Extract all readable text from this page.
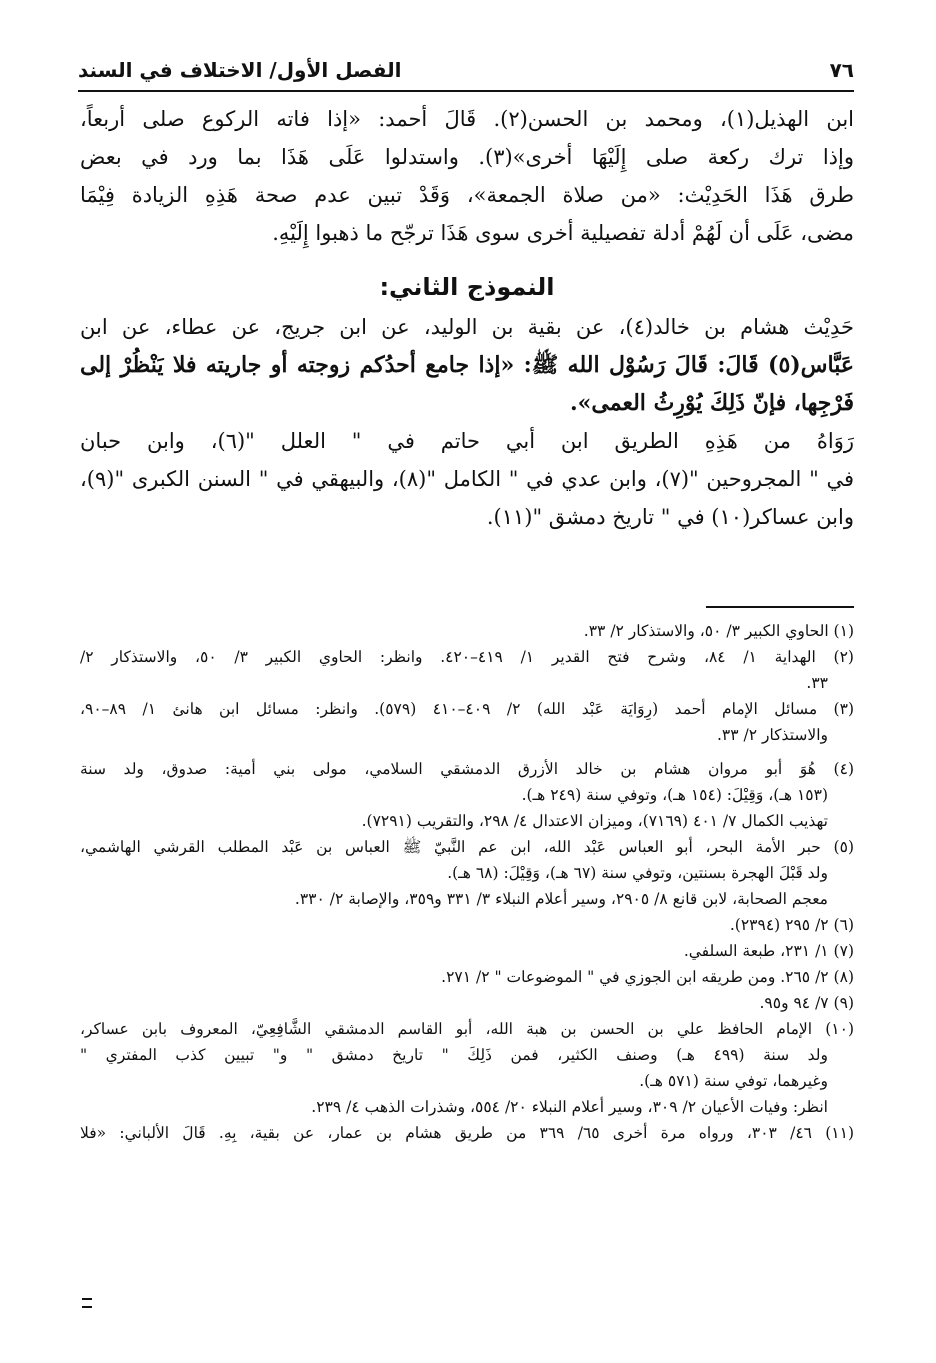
٧٦
الفصل الأول/ الاختلاف في السند
ابن الهذيل(١)، ومحمد بن الحسن(٢). قَالَ أحمد: «إذا فاته الركوع صلى أربعاً،
وإذا ترك ركعة صلى إِلَيْهَا أخرى»(٣). واستدلوا عَلَى هَذَا بما ورد في بعض
طرق هَذَا الحَدِيْث: «من صلاة الجمعة»، وَقَدْ تبين عدم صحة هَذِهِ الزيادة فِيْمَا
مضى، عَلَى أن لَهُمْ أدلة تفصيلية أخرى سوى هَذَا ترجّح ما ذهبوا إِلَيْهِ.
النموذج الثاني:
حَدِيْث هشام بن خالد(٤)، عن بقية بن الوليد، عن ابن جريج، عن عطاء، عن ابن
عَبَّاس(٥) قَالَ: قَالَ رَسُوْل الله ﷺ: «إذا جامع أحدُكم زوجته أو جاريته فلا يَنْظُرْ إلى
فَرْجِها، فإنّ ذَلِكَ يُوْرِثُ العمى».
رَوَاهُ من هَذِهِ الطريق ابن أبي حاتم في " العلل "(٦)، وابن حبان
في " المجروحين "(٧)، وابن عدي في " الكامل "(٨)، والبيهقي في " السنن الكبرى "(٩)،
وابن عساكر(١٠) في " تاريخ دمشق "(١١).
(١) الحاوي الكبير ٣/ ٥٠، والاستذكار ٢/ ٣٣.
(٢) الهداية ١/ ٨٤، وشرح فتح القدير ١/ ٤١٩–٤٢٠. وانظر: الحاوي الكبير ٣/ ٥٠، والاستذكار ٢/
٣٣.
(٣) مسائل الإمام أحمد (رِوَايَة عَبْد الله) ٢/ ٤٠٩–٤١٠ (٥٧٩). وانظر: مسائل ابن هانئ ١/ ٨٩–٩٠،
والاستذكار ٢/ ٣٣.
(٤) هُوَ أبو مروان هشام بن خالد الأزرق الدمشقي السلامي، مولى بني أمية: صدوق، ولد سنة
(١٥٣ هـ)، وَقِيْلَ: (١٥٤ هـ)، وتوفي سنة (٢٤٩ هـ).
تهذيب الكمال ٧/ ٤٠١ (٧١٦٩)، وميزان الاعتدال ٤/ ٢٩٨، والتقريب (٧٢٩١).
(٥) حبر الأمة البحر، أبو العباس عَبْد الله، ابن عم النَّبيّ ﷺ العباس بن عَبْد المطلب القرشي الهاشمي،
ولد قَبْلَ الهجرة بسنتين، وتوفي سنة (٦٧ هـ)، وَقِيْلَ: (٦٨ هـ).
معجم الصحابة، لابن قانع ٨/ ٢٩٠٥، وسير أعلام النبلاء ٣/ ٣٣١ و٣٥٩، والإصابة ٢/ ٣٣٠.
(٦) ٢/ ٢٩٥ (٢٣٩٤).
(٧) ١/ ٢٣١، طبعة السلفي.
(٨) ٢/ ٢٦٥. ومن طريقه ابن الجوزي في " الموضوعات " ٢/ ٢٧١.
(٩) ٧/ ٩٤ و٩٥.
(١٠) الإمام الحافظ علي بن الحسن بن هبة الله، أبو القاسم الدمشقي الشَّافِعِيّ، المعروف بابن عساكر،
ولد سنة (٤٩٩ هـ) وصنف الكثير، فمن ذَلِكَ " تاريخ دمشق " و" تبيين كذب المفتري "
وغيرهما، توفي سنة (٥٧١ هـ).
انظر: وفيات الأعيان ٢/ ٣٠٩، وسير أعلام النبلاء ٢٠/ ٥٥٤، وشذرات الذهب ٤/ ٢٣٩.
(١١) ٤٦/ ٣٠٣، ورواه مرة أخرى ٦٥/ ٣٦٩ من طريق هشام بن عمار، عن بقية، بِهِ. قَالَ الألباني: «فلا
